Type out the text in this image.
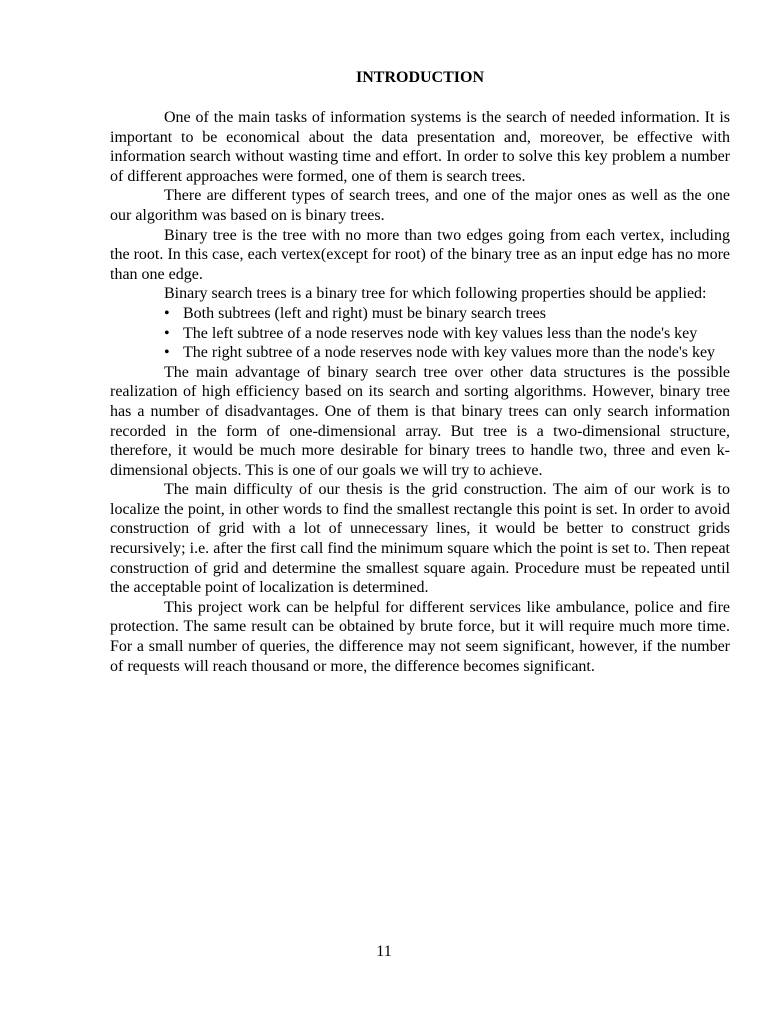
INTRODUCTION

One of the main tasks of information systems is the search of needed information. It is important to be economical about the data presentation and, moreover, be effective with information search without wasting time and effort. In order to solve this key problem a number of different approaches were formed, one of them is search trees.

There are different types of search trees, and one of the major ones as well as the one our algorithm was based on is binary trees.

Binary tree is the tree with no more than two edges going from each vertex, including the root. In this case, each vertex(except for root) of the binary tree as an input edge has no more than one edge.

Binary search trees is a binary tree for which following properties should be applied:

• Both subtrees (left and right) must be binary search trees

• The left subtree of a node reserves node with key values less than the node's key

• The right subtree of a node reserves node with key values more than the node's key

The main advantage of binary search tree over other data structures is the possible realization of high efficiency based on its search and sorting algorithms. However, binary tree has a number of disadvantages. One of them is that binary trees can only search information recorded in the form of one-dimensional array. But tree is a two-dimensional structure, therefore, it would be much more desirable for binary trees to handle two, three and even k-dimensional objects. This is one of our goals we will try to achieve.

The main difficulty of our thesis is the grid construction. The aim of our work is to localize the point, in other words to find the smallest rectangle this point is set. In order to avoid construction of grid with a lot of unnecessary lines, it would be better to construct grids recursively; i.e. after the first call find the minimum square which the point is set to. Then repeat construction of grid and determine the smallest square again. Procedure must be repeated until the acceptable point of localization is determined.

This project work can be helpful for different services like ambulance, police and fire protection. The same result can be obtained by brute force, but it will require much more time. For a small number of queries, the difference may not seem significant, however, if the number of requests will reach thousand or more, the difference becomes significant.

11
